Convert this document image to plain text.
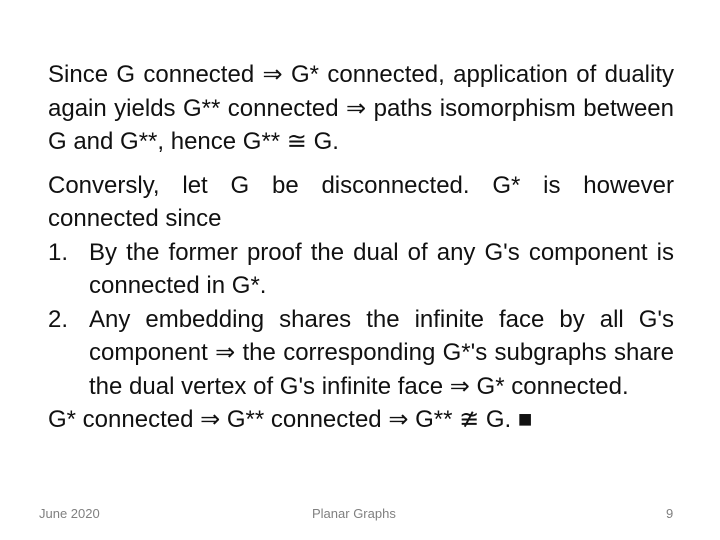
Since G connected ⇒ G* connected, application of duality again yields G** connected ⇒ paths isomorphism between G and G**, hence G** ≅ G.

Conversly, let G be disconnected. G* is however connected since

1. By the former proof the dual of any G's component is connected in G*.
2. Any embedding shares the infinite face by all G's component ⇒ the corresponding G*'s subgraphs share the dual vertex of G's infinite face ⇒ G* connected.

G* connected ⇒ G** connected ⇒ G** ≇ G. ■

June 2020	Planar Graphs	9
